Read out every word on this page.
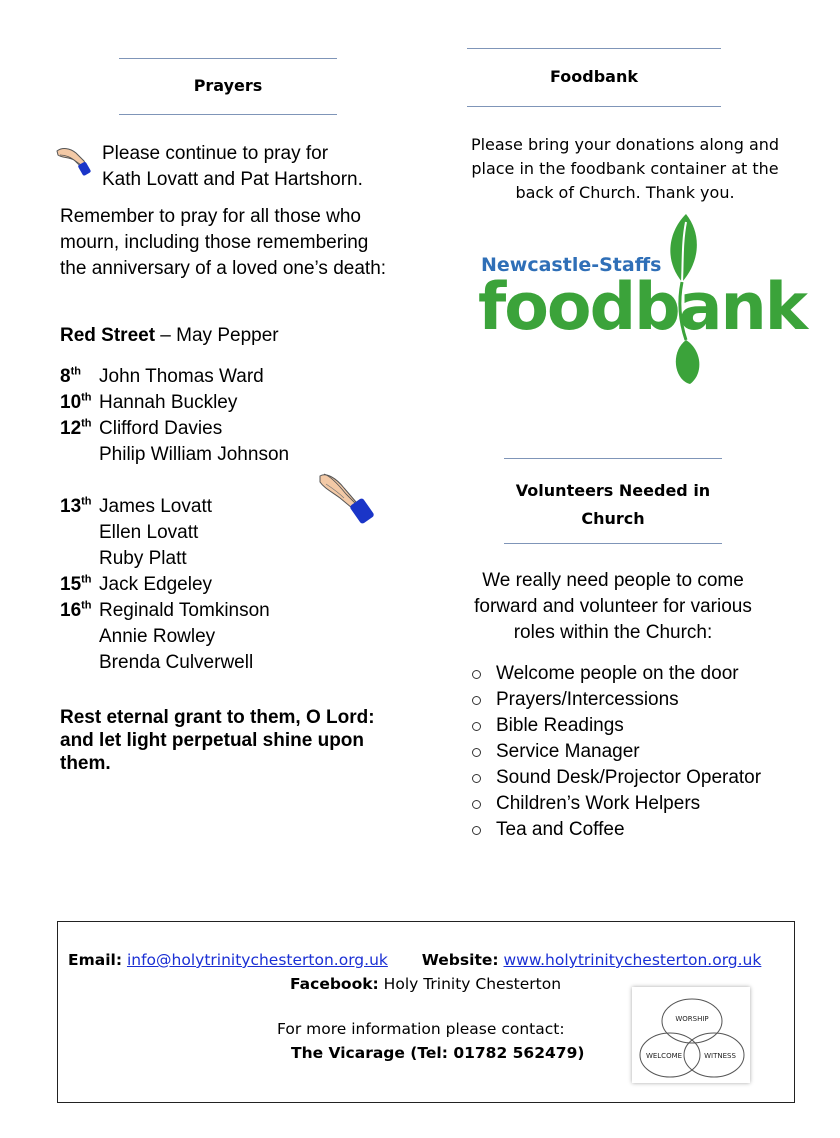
Prayers
Please continue to pray for
Kath Lovatt and Pat Hartshorn.
Remember to pray for all those who mourn, including those remembering the anniversary of a loved one’s death:
Red Street – May Pepper
8th John Thomas Ward
10th Hannah Buckley
12th Clifford Davies
Philip William Johnson
13th James Lovatt
Ellen Lovatt
Ruby Platt
15th Jack Edgeley
16th Reginald Tomkinson
Annie Rowley
Brenda Culverwell
Rest eternal grant to them, O Lord: and let light perpetual shine upon them.
Foodbank
Please bring your donations along and place in the foodbank container at the back of Church. Thank you.
Newcastle-Staffs
foodbank
Volunteers Needed in
Church
We really need people to come forward and volunteer for various roles within the Church:
Welcome people on the door
Prayers/Intercessions
Bible Readings
Service Manager
Sound Desk/Projector Operator
Children’s Work Helpers
Tea and Coffee
Email: info@holytrinitychesterton.org.uk Website: www.holytrinitychesterton.org.uk
Facebook: Holy Trinity Chesterton
For more information please contact:
The Vicarage (Tel: 01782 562479)
WORSHIP
WELCOME	WITNESS
